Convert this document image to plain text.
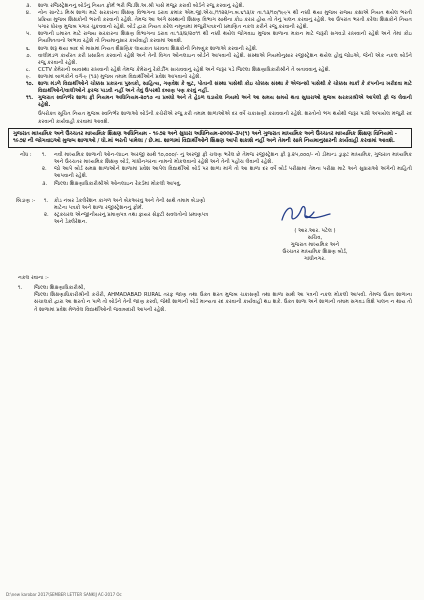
૩.	શાળા રજિસ્ટ્રેશનનું બોર્ડનું નિયત ફોર્મ ભરી જિ.શિ.અ.શ્રી પાસે મંજુર કરાવી બોર્ડને રજુ કરવાનું રહેશે.
૪.	નોન ગ્રાન્ટેડ મિશ્ર શાળા માટે સરકારના શિક્ષણ વિભાગના ઠરાવ ક્રમાંક એમ.જી.એચ./૧૧૨૨/ન.બ.૬૧૩/ક તા.૧૩/૧૦/૧૯૯૫ થી નક્કી થયા મુજબ રાજ્ય કક્ષાએ નિયત થયેલ ભરતી પ્રક્રિયા મુજબ શિક્ષકોની ભરતી કરવાની રહેશે. તેમજ આ અંગે સંસ્થાની શિક્ષણ વિભાગ સાથેના કોઇ કરાર હોય તો તેનું પાલન કરવાનું રહેશે. આ ઉપરાંત ભરતી કરેલા શિક્ષકોને નિયત પગાર ધોરણ મુજબ પગાર ચુકવવાનો રહેશે. બોર્ડ દ્વારા નિયત કરેલ નમૂનામાં મંજુરીપત્રકની પ્રમાણિત નકલ કરીને રજુ કરવાની રહેશે.
૫.	શાળાની ઇમારત માટે રાજ્ય સરકારના શિક્ષણ વિભાગના ઠરાવ તા.૧૩/૪/૨૦૧૧ થી નક્કી થયેલ જોગવાઇ મુજબ શાળાના મકાન માટે જરૂરી સગવડો રાખવાની રહેશે અને તેમાં કોઇ નિયમિતતાનો અભાવ રહેશે તો નિયમાનુસાર કાર્યવાહી કરવામાં આવશે.
૬.	શાળા શરૂ થયા બાદ બે માસમાં નિયત શૈક્ષણિક લાયકાત ધરાવતા શિક્ષકોની નિમણુંક શાળાએ કરવાની રહેશે.
૭.	વાલીમંડળ કાર્યરત કરી પ્રસારિત કરવાનો રહેશે અને તેની વિગત ઓનલાઇન બોર્ડને આપવાની રહેશે. સંસ્થાએ નિયમોનુસાર રજીસ્ટ્રેશન થયેલ હોવું જોઇએ, જેની એક નકલ બોર્ડને રજુ કરવાની રહેશે.
૮.	CCTV કેમેરાની વ્યવસ્થા રાખવાની રહેશે તેમજ કેમેરાનું રેકોર્ડીંગ સાચવવાનું રહેશે અને જરૂર પડે જિલ્લા શિક્ષણાધિકારીશ્રીને તે બતાવવાનું રહેશે.
૯.	શાળામાં બાળકોને વર્ગ-૯ (૧૩) મુજબ તમામ વિદ્યાર્થીઓને પ્રવેશ આપવાનો રહેશે.
૧૦. શાળા મંડળે વિદ્યાર્થીઓને ચોક્કસ પ્રકારના પુસ્તકો, સાહિત્ય, ગણવેશ કે બુટ, પોતાની સંસ્થા પાસેથી કોઇ ચોક્કસ સંસ્થા કે એજન્સી પાસેથી કે ચોક્કસ માર્કા કે કંપનીના ખરીદવા માટે વિદ્યાર્થીઓને/વાલીઓને ફરજ પાડવી નહીં અને તેવું ઉપરથી દબાણ પણ કરવું નહીં.
૧૧. ગુજરાત સ્વનિર્ભર શાળા ફી નિયમન અધિનિયમ-૨૦૧૭ ના પ્રબંધો અને તે હેઠળ ઘડાયેલ નિયમો અને આ સમય સમયે થતા સુધારાઓ મુજબ સરકારશ્રીએ આપેલી ફી જ લેવાની રહેશે.
ઉપરોક્ત સૂચિત નિયત મુજબ સ્વનિર્ભર શાળાઓ બોર્ડની કચેરીએ રજુ કરી તમામ શાળાઓએ દર વર્ષે ચકાસણી કરાવવાની રહેશે. શરતોનો ભંગ થયેથી જરૂર પડ્યે અપાયેલ મંજુરી રદ કરવાની કાર્યવાહી કરવામાં આવશે.
ગુજરાત માધ્યમિક અને ઉચ્ચતર માધ્યમિક શિક્ષણ અધિનિયમ - ૧૯૭૨ અને સુધારા અધિનિયમ-૨૦૦૪-૩૫(૧) અને ગુજરાત માધ્યમિક અને ઉચ્ચતર માધ્યમિક શિક્ષણ વિનિયમો - ૧૯૭૪ ની જોગવાઇઓ મુજબ શાળાઓ / ધો.માં ભરતી પામેલા / છે.મા. શાળામાં વિદ્યાર્થીઓને શિક્ષણ આપી શકાશે નહીં અને તેમની સામે નિયમાનુસારની કાર્યવાહી કરવામાં આવશે.
નોંધ :	૧.	નવી માધ્યમિક શાળાની ઓન-લાઇન અરજી સાથે ૧૦,૦૦૦/- નું અરજી ફી ચલણ ભરેલ છે તેમજ રજીસ્ટ્રેશન ફી રૂ.૨૫,૦૦૦/- નો ડીમાન્ડ ડ્રાફ્ટ માધ્યમિક, ગુજરાત માધ્યમિક અને ઉચ્ચતર માધ્યમિક શિક્ષણ બોર્ડ, ગાંધીનગરના નામનો મોકલવાનો રહેશે અને તેની પહોંચ લેવાની રહેશે.
૨.	જો આપે બોર્ડ સમક્ષ શાળાઓને શાળામાં પ્રવેશ આપેલ વિદ્યાર્થીઓ બોર્ડ પર શાળા માંગે તો આ શાળા દર વર્ષે બોર્ડ પરીક્ષામાં તેમના પરીક્ષા માટે અને સુધારાઓ અંગેની માહિતી આપવાની રહેશે.
૩.	જિલ્લા શિક્ષણાધિકારીશ્રીએ ઓનલાઇન રેકર્ડમાં મોકલી આપવું.
બિડાણ :-	૧.	કોડ નંબર ડેકલેરેશન કાગળ અને બેકઅરવું અને તેની સાથે તમામ બેડાણો માટેના પત્રકો અને શાળા રજીસ્ટ્રેશનનું ફોર્મ.
૨.	સ્ટ્રક્ચરલ એન્જીનીયરનું પ્રમાણપત્ર તથા ફાયર સેફ્ટી સવલતોનો પ્રમાણપત્ર અને ડેક્લેરેશન.
( આર.આર. પટેલ )
સચિવ,
ગુજરાત માધ્યમિક અને
ઉચ્ચતર માધ્યમિક શિક્ષણ બોર્ડ,
ગાંધીનગર.
નકલ રવાના :-
૧.	જિલ્લા શિક્ષણાધિકારીશ્રી,
જિલ્લા શિક્ષણાધિકારીશ્રીની કચેરી, AHMADABAD RURAL તરફ જાણ તથા ઉક્ત શરત મુજબ ચકાસણી તથા શાળા સાથે આ પત્રની નકલ મોકલી આપવી. તેમજ ઉક્ત શાળાના સંચાલકો દ્વારા આ શરતો ન પાળે તો બોર્ડને તેની જાણ કરવી, જેથી શાળાની બોર્ડ માન્યતા રદ કરવાની કાર્યવાહી થઇ શકે. ઉક્ત શાળા અને શાળાની તમામ સગવડ વિશે પાલન ન થાય તો તે શાળામાં પ્રવેશ મેળવેલ વિદ્યાર્થીઓની જવાબદારી આપની રહેશે.
D:\new karobar 2017\SEMBER LETTER SANKIJ AC-2017 Oc
